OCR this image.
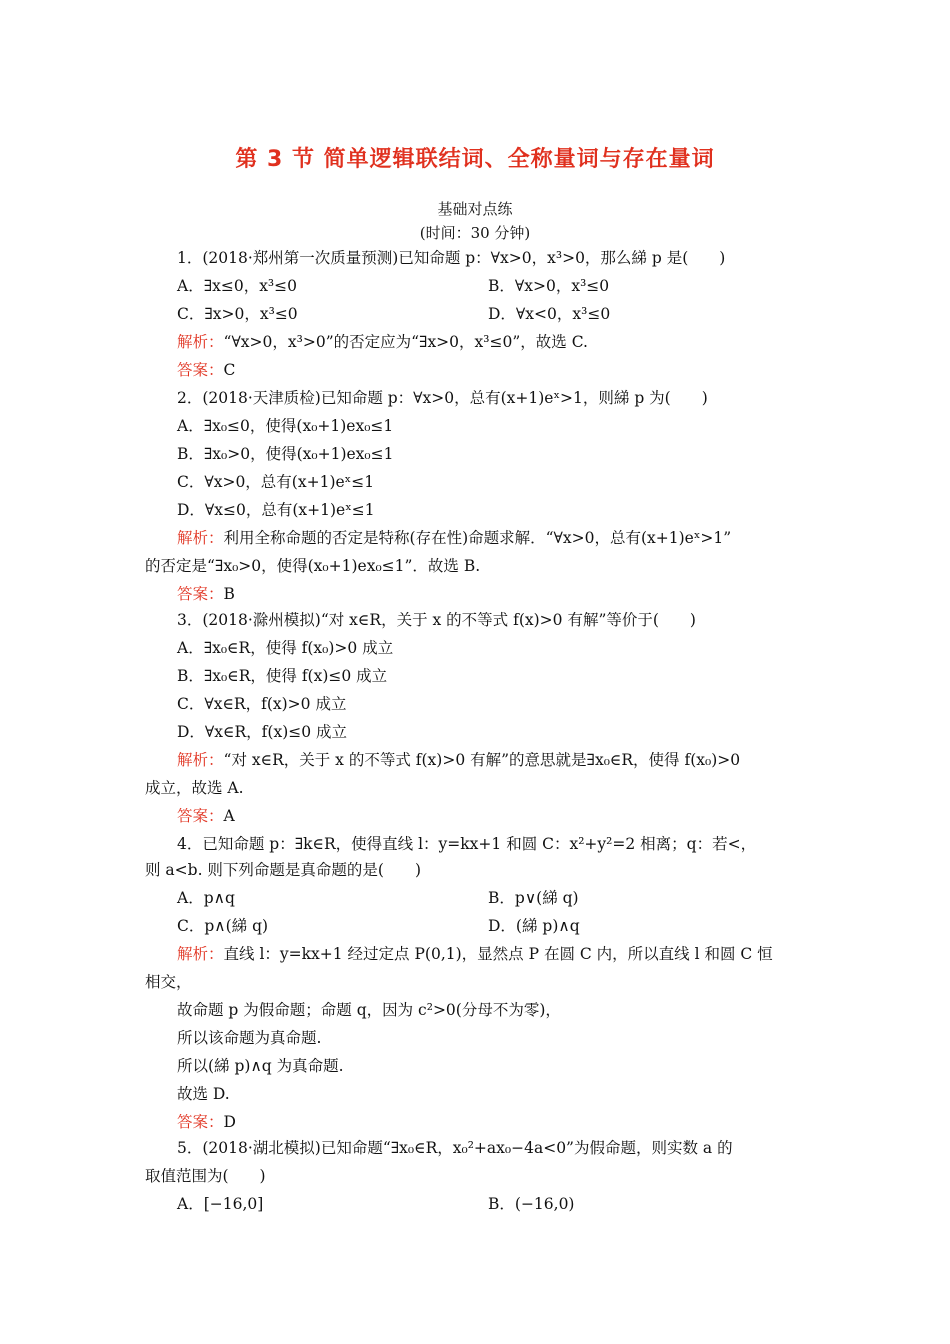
第 3 节 简单逻辑联结词、全称量词与存在量词
基础对点练
(时间：30 分钟)
1．(2018·郑州第一次质量预测)已知命题 p：∀x>0，x³>0，那么綈 p 是(　　)
A．∃x≤0，x³≤0	B．∀x>0，x³≤0
C．∃x>0，x³≤0	D．∀x<0，x³≤0
解析：“∀x>0，x³>0”的否定应为“∃x>0，x³≤0”，故选 C.
答案：C
2．(2018·天津质检)已知命题 p：∀x>0，总有(x+1)eˣ>1，则綈 p 为(　　)
A．∃x₀≤0，使得(x₀+1)ex₀≤1
B．∃x₀>0，使得(x₀+1)ex₀≤1
C．∀x>0，总有(x+1)eˣ≤1
D．∀x≤0，总有(x+1)eˣ≤1
解析：利用全称命题的否定是特称(存在性)命题求解．“∀x>0，总有(x+1)eˣ>1”
的否定是“∃x₀>0，使得(x₀+1)ex₀≤1”．故选 B.
答案：B
3．(2018·滁州模拟)“对 x∈R，关于 x 的不等式 f(x)>0 有解”等价于(　　)
A．∃x₀∈R，使得 f(x₀)>0 成立
B．∃x₀∈R，使得 f(x)≤0 成立
C．∀x∈R，f(x)>0 成立
D．∀x∈R，f(x)≤0 成立
解析：“对 x∈R，关于 x 的不等式 f(x)>0 有解”的意思就是∃x₀∈R，使得 f(x₀)>0
成立，故选 A.
答案：A
4．已知命题 p：∃k∈R，使得直线 l：y=kx+1 和圆 C：x²+y²=2 相离；q：若<，
则 a<b. 则下列命题是真命题的是(　　)
A．p∧q	B．p∨(綈 q)
C．p∧(綈 q)	D．(綈 p)∧q
解析：直线 l：y=kx+1 经过定点 P(0,1)，显然点 P 在圆 C 内，所以直线 l 和圆 C 恒
相交，
故命题 p 为假命题；命题 q，因为 c²>0(分母不为零)，
所以该命题为真命题.
所以(綈 p)∧q 为真命题.
故选 D.
答案：D
5．(2018·湖北模拟)已知命题“∃x₀∈R，x₀²+ax₀−4a<0”为假命题，则实数 a 的
取值范围为(　　)
A．[−16,0]	B．(−16,0)
